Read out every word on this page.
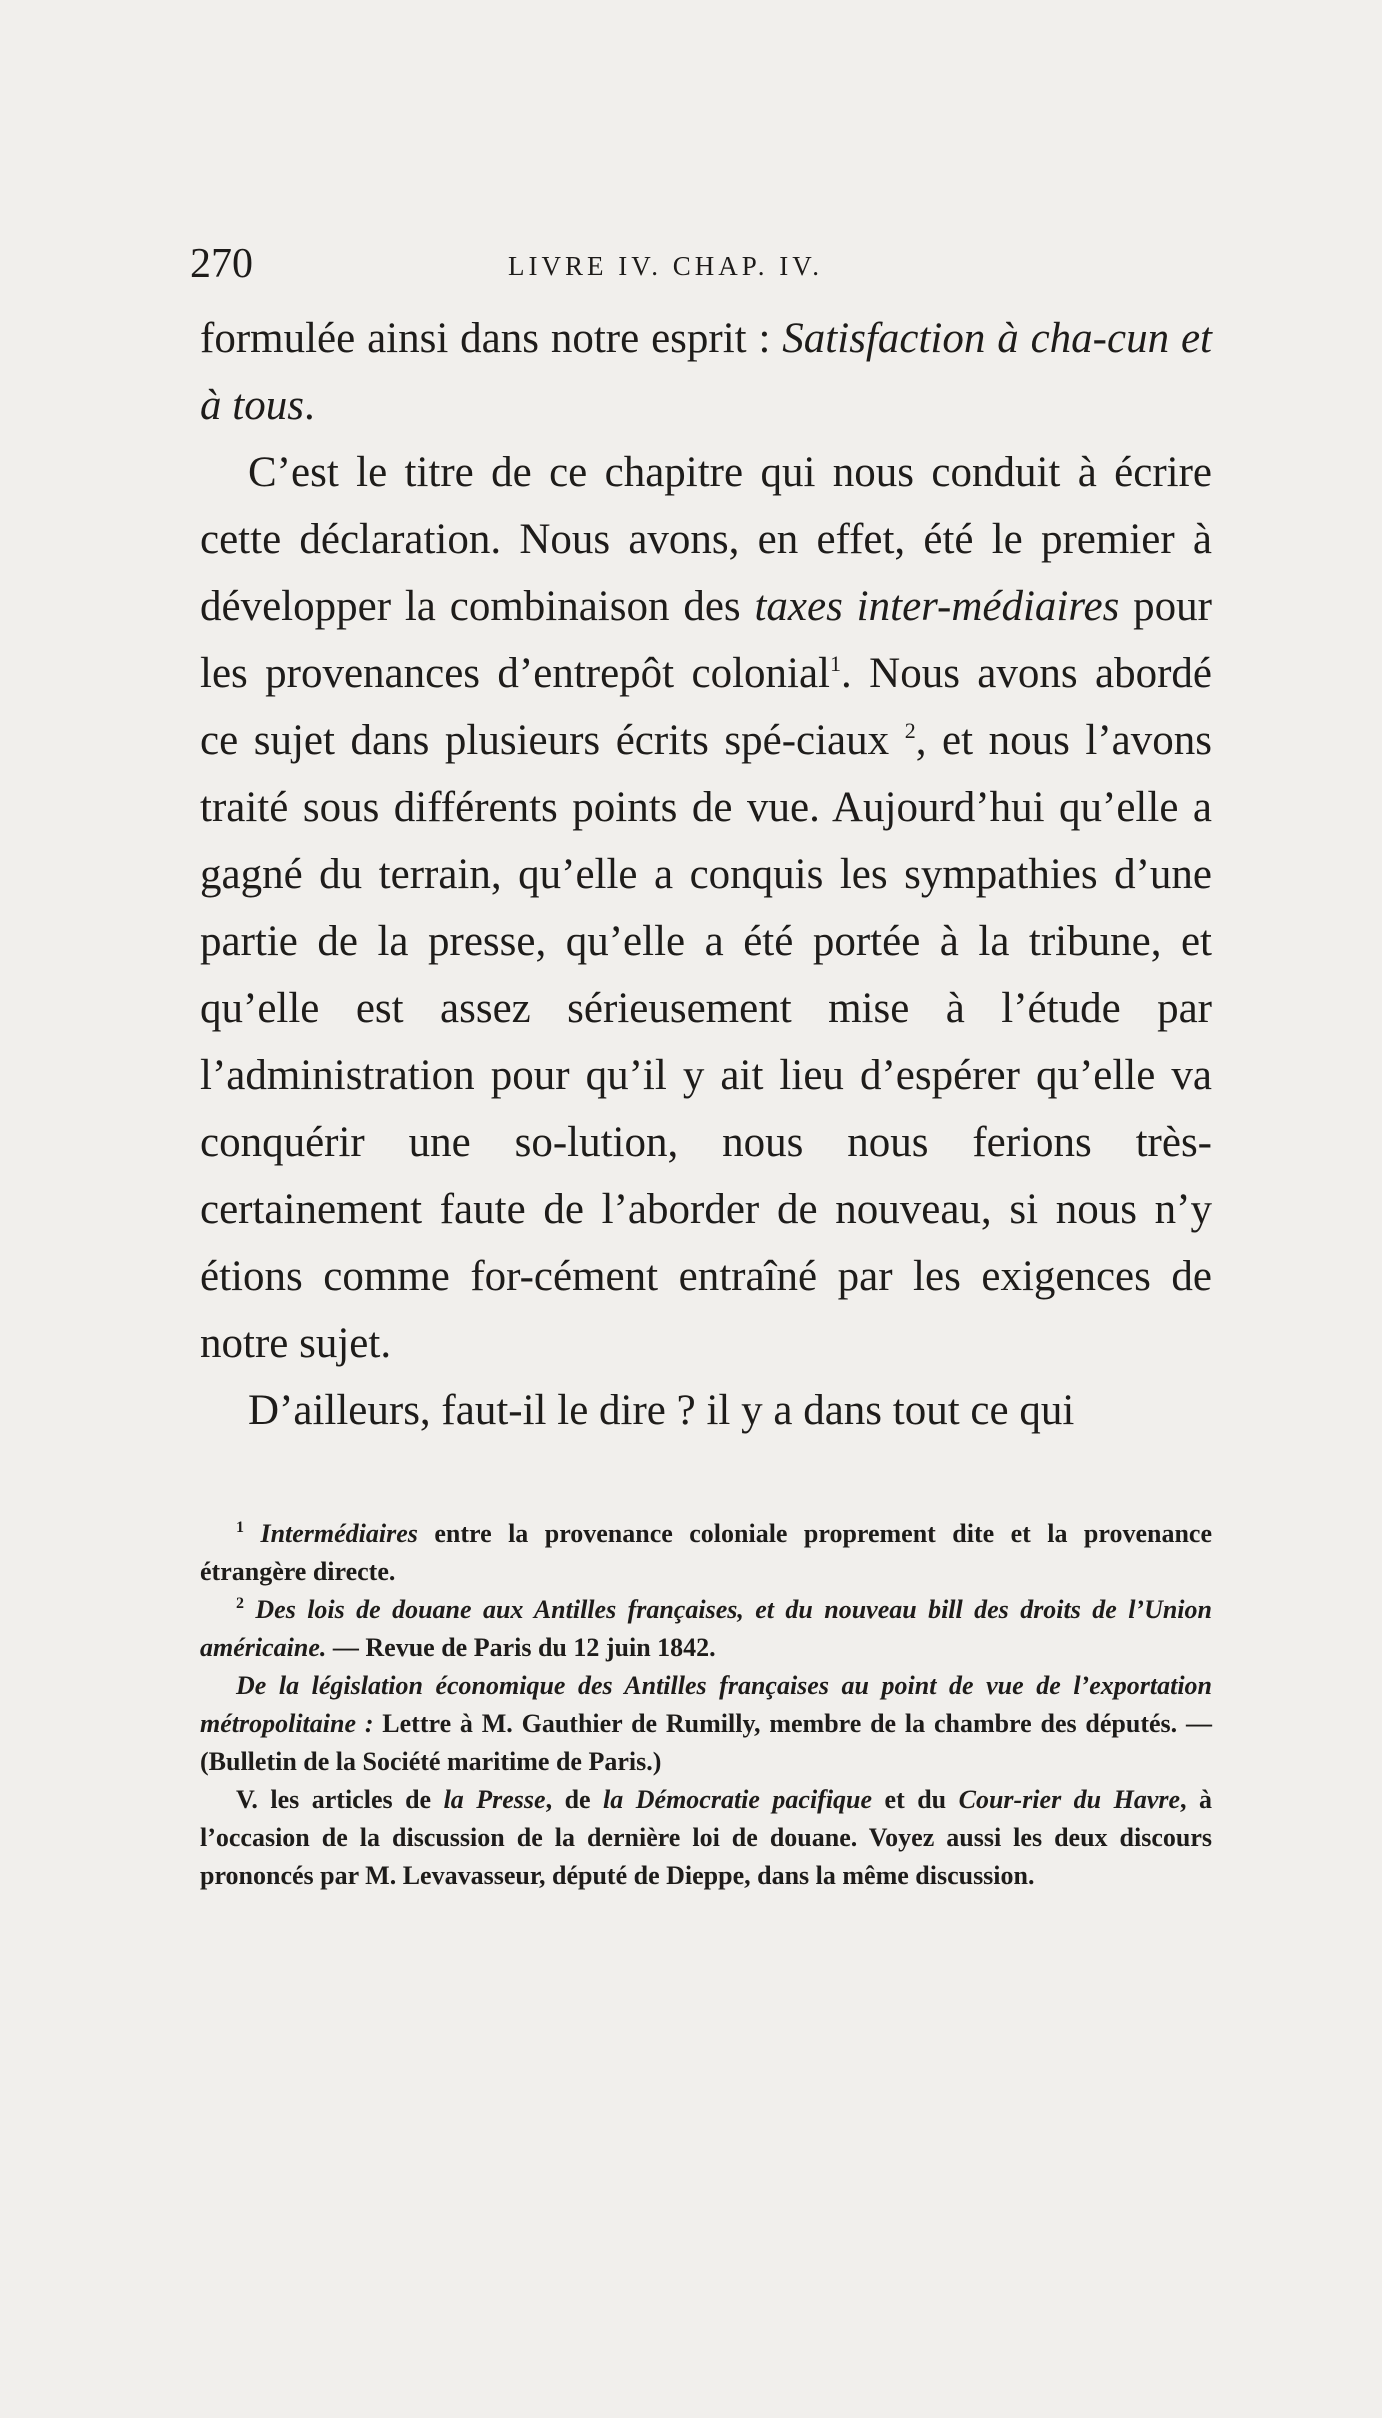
270	LIVRE IV. CHAP. IV.

formulée ainsi dans notre esprit : Satisfaction à cha-cun et à tous.

C’est le titre de ce chapitre qui nous conduit à écrire cette déclaration. Nous avons, en effet, été le premier à développer la combinaison des taxes inter-médiaires pour les provenances d’entrepôt colonial$^1$. Nous avons abordé ce sujet dans plusieurs écrits spé-ciaux $^2$, et nous l’avons traité sous différents points de vue. Aujourd’hui qu’elle a gagné du terrain, qu’elle a conquis les sympathies d’une partie de la presse, qu’elle a été portée à la tribune, et qu’elle est assez sérieusement mise à l’étude par l’administration pour qu’il y ait lieu d’espérer qu’elle va conquérir une so-lution, nous nous ferions très-certainement faute de l’aborder de nouveau, si nous n’y étions comme for-cément entraîné par les exigences de notre sujet.

D’ailleurs, faut-il le dire ? il y a dans tout ce qui

$^1$ Intermédiaires entre la provenance coloniale proprement dite et la provenance étrangère directe.

$^2$ Des lois de douane aux Antilles françaises, et du nouveau bill des droits de l’Union américaine. — Revue de Paris du 12 juin 1842.

De la législation économique des Antilles françaises au point de vue de l’exportation métropolitaine : Lettre à M. Gauthier de Rumilly, membre de la chambre des députés. — (Bulletin de la Société maritime de Paris.)

V. les articles de la Presse, de la Démocratie pacifique et du Cour-rier du Havre, à l’occasion de la discussion de la dernière loi de douane. Voyez aussi les deux discours prononcés par M. Levavasseur, député de Dieppe, dans la même discussion.
